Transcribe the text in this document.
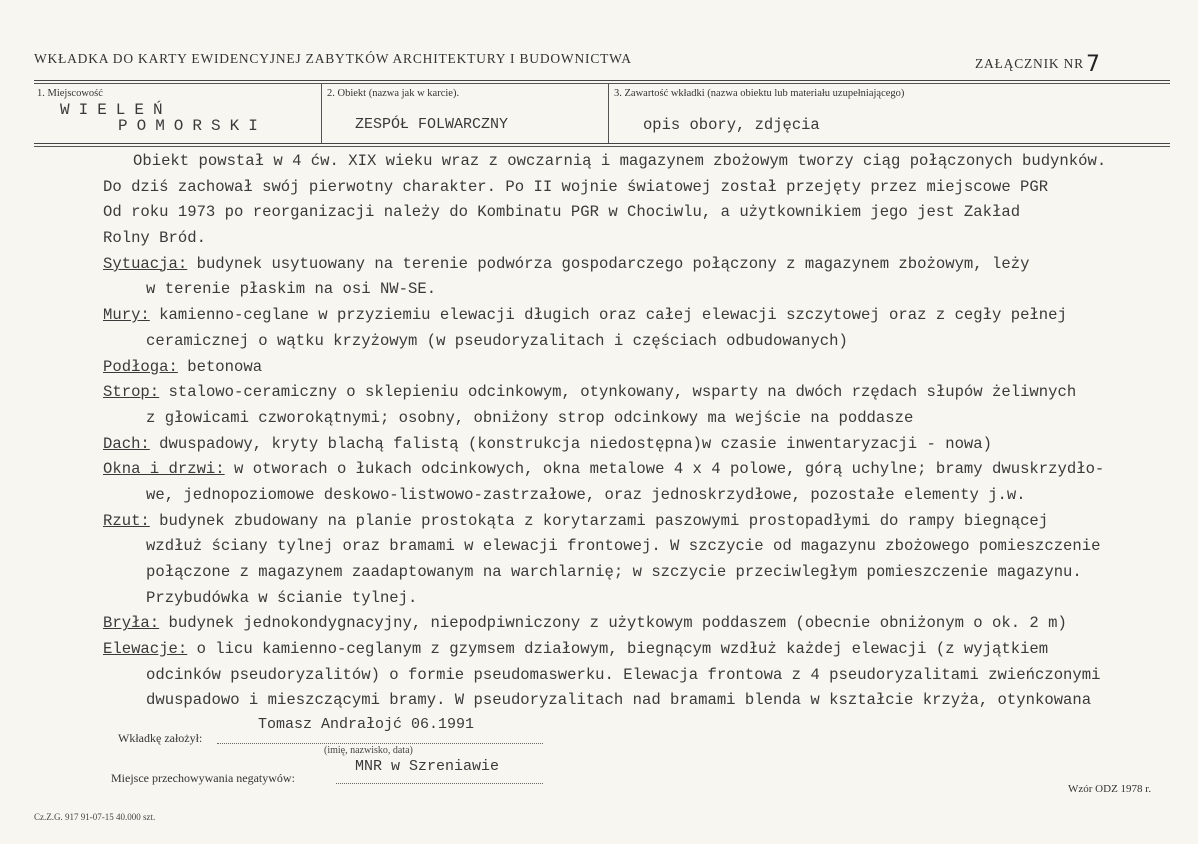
WKŁADKA DO KARTY EWIDENCYJNEJ ZABYTKÓW ARCHITEKTURY I BUDOWNICTWA	ZAŁĄCZNIK NR7
1. Miejscowość	2. Obiekt (nazwa jak w karcie).	3. Zawartość wkładki (nazwa obiektu lub materiału uzupełniającego)
WIELEŃ
POMORSKI	ZESPÓŁ FOLWARCZNY	opis obory, zdjęcia
Obiekt powstał w 4 ćw. XIX wieku wraz z owczarnią i magazynem zbożowym tworzy ciąg połączonych budynków.
Do dziś zachował swój pierwotny charakter. Po II wojnie światowej został przejęty przez miejscowe PGR
Od roku 1973 po reorganizacji należy do Kombinatu PGR w Chociwlu, a użytkownikiem jego jest Zakład
Rolny Bród.
Sytuacja: budynek usytuowany na terenie podwórza gospodarczego połączony z magazynem zbożowym, leży
w terenie płaskim na osi NW-SE.
Mury: kamienno-ceglane w przyziemiu elewacji długich oraz całej elewacji szczytowej oraz z cegły pełnej
ceramicznej o wątku krzyżowym (w pseudoryzalitach i częściach odbudowanych)
Podłoga: betonowa
Strop: stalowo-ceramiczny o sklepieniu odcinkowym, otynkowany, wsparty na dwóch rzędach słupów żeliwnych
z głowicami czworokątnymi; osobny, obniżony strop odcinkowy ma wejście na poddasze
Dach: dwuspadowy, kryty blachą falistą (konstrukcja niedostępna)w czasie inwentaryzacji - nowa)
Okna i drzwi: w otworach o łukach odcinkowych, okna metalowe 4 x 4 polowe, górą uchylne; bramy dwuskrzydło-
we, jednopoziomowe deskowo-listwowo-zastrzałowe, oraz jednoskrzydłowe, pozostałe elementy j.w.
Rzut: budynek zbudowany na planie prostokąta z korytarzami paszowymi prostopadłymi do rampy biegnącej
wzdłuż ściany tylnej oraz bramami w elewacji frontowej. W szczycie od magazynu zbożowego pomieszczenie
połączone z magazynem zaadaptowanym na warchlarnię; w szczycie przeciwległym pomieszczenie magazynu.
Przybudówka w ścianie tylnej.
Bryła: budynek jednokondygnacyjny, niepodpiwniczony z użytkowym poddaszem (obecnie obniżonym o ok. 2 m)
Elewacje: o licu kamienno-ceglanym z gzymsem działowym, biegnącym wzdłuż każdej elewacji (z wyjątkiem
odcinków pseudoryzalitów) o formie pseudomaswerku. Elewacja frontowa z 4 pseudoryzalitami zwieńczonymi
dwuspadowo i mieszczącymi bramy. W pseudoryzalitach nad bramami blenda w kształcie krzyża, otynkowana
Wkładkę założył:
Tomasz Andrałojć 06.1991
(imię, nazwisko, data)
Miejsce przechowywania negatywów:
MNR w Szreniawie
Cz.Z.G. 917 91-07-15 40.000 szt.
Wzór ODZ 1978 r.
